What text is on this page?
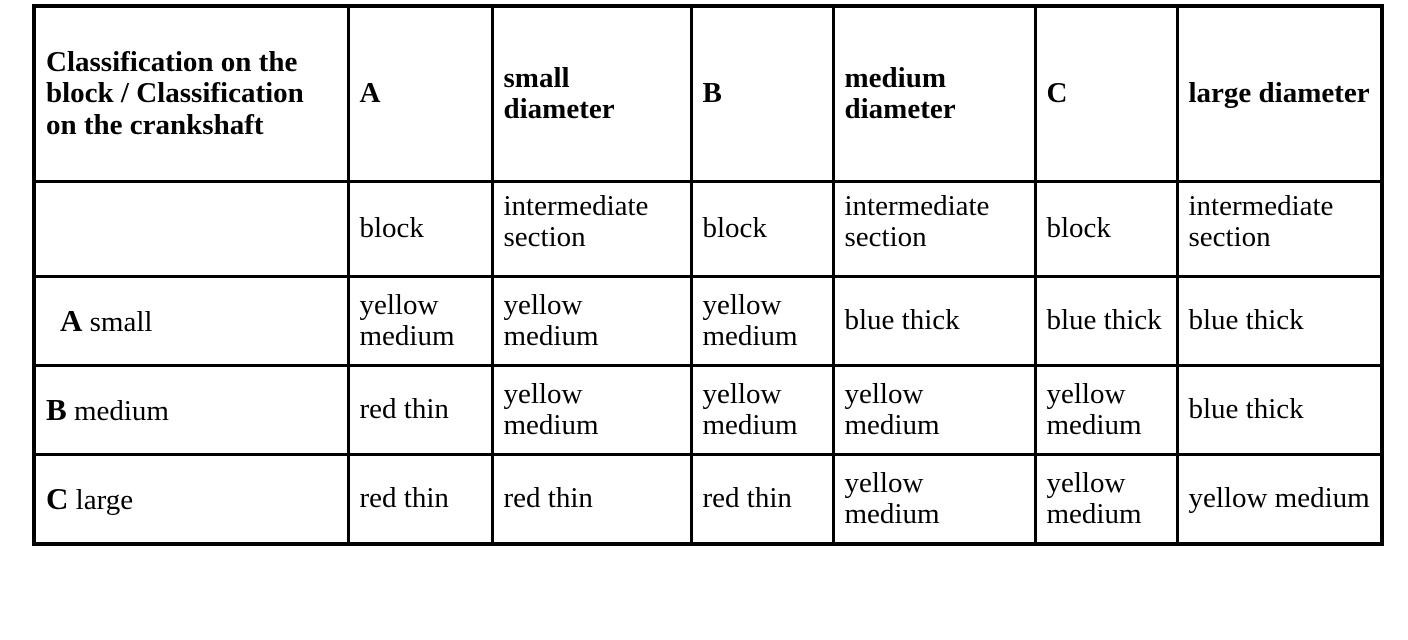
Classification on the block / Classification on the crankshaft	A	small diameter	B	medium diameter	C	large diameter
	block	intermediate section	block	intermediate section	block	intermediate section
A small	yellow medium	yellow medium	yellow medium	blue thick	blue thick	blue thick
B medium	red thin	yellow medium	yellow medium	yellow medium	yellow medium	blue thick
C large	red thin	red thin	red thin	yellow medium	yellow medium	yellow medium
